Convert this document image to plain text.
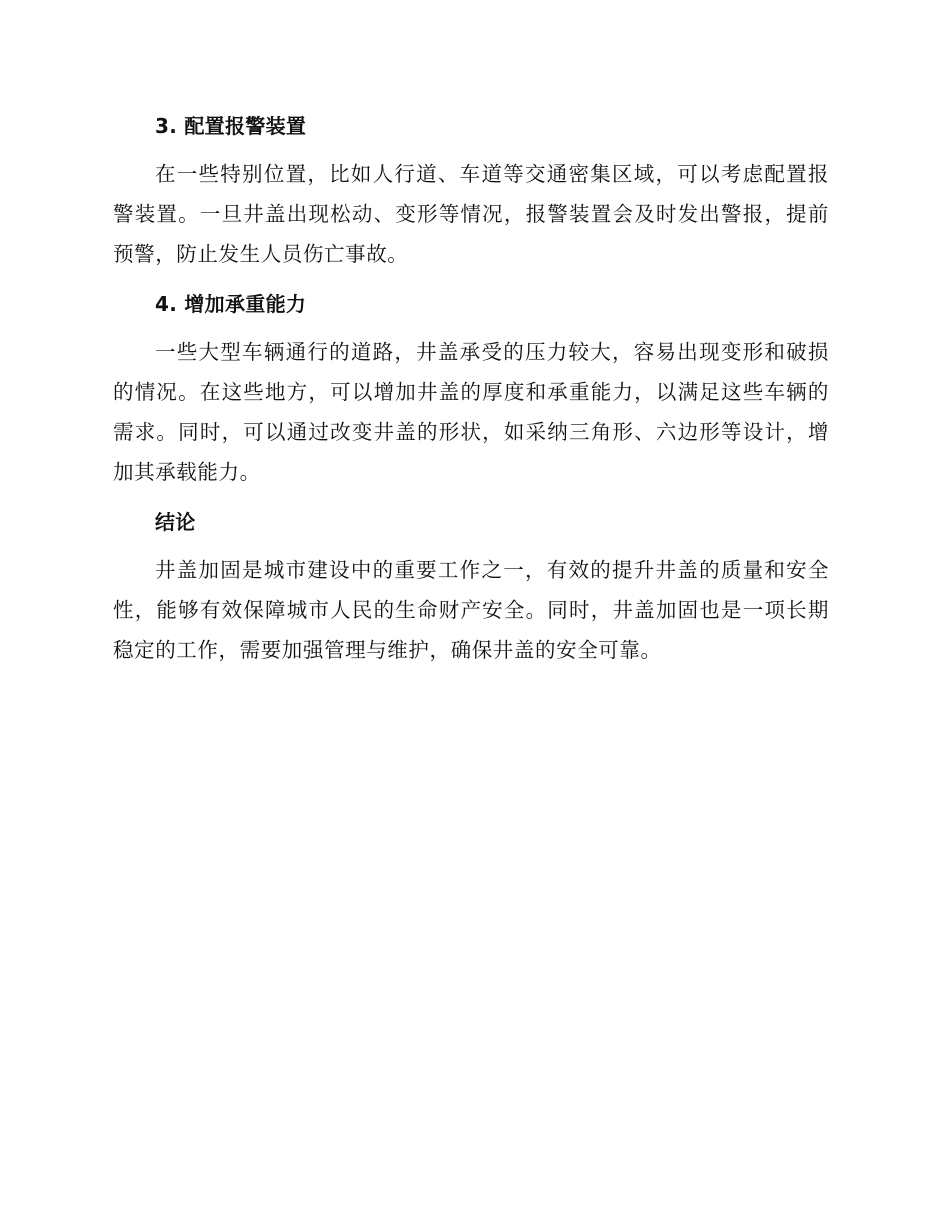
3. 配置报警装置

在一些特别位置，比如人行道、车道等交通密集区域，可以考虑配置报警装置。一旦井盖出现松动、变形等情况，报警装置会及时发出警报，提前预警，防止发生人员伤亡事故。

4. 增加承重能力

一些大型车辆通行的道路，井盖承受的压力较大，容易出现变形和破损的情况。在这些地方，可以增加井盖的厚度和承重能力，以满足这些车辆的需求。同时，可以通过改变井盖的形状，如采纳三角形、六边形等设计，增加其承载能力。

结论

井盖加固是城市建设中的重要工作之一，有效的提升井盖的质量和安全性，能够有效保障城市人民的生命财产安全。同时，井盖加固也是一项长期稳定的工作，需要加强管理与维护，确保井盖的安全可靠。
